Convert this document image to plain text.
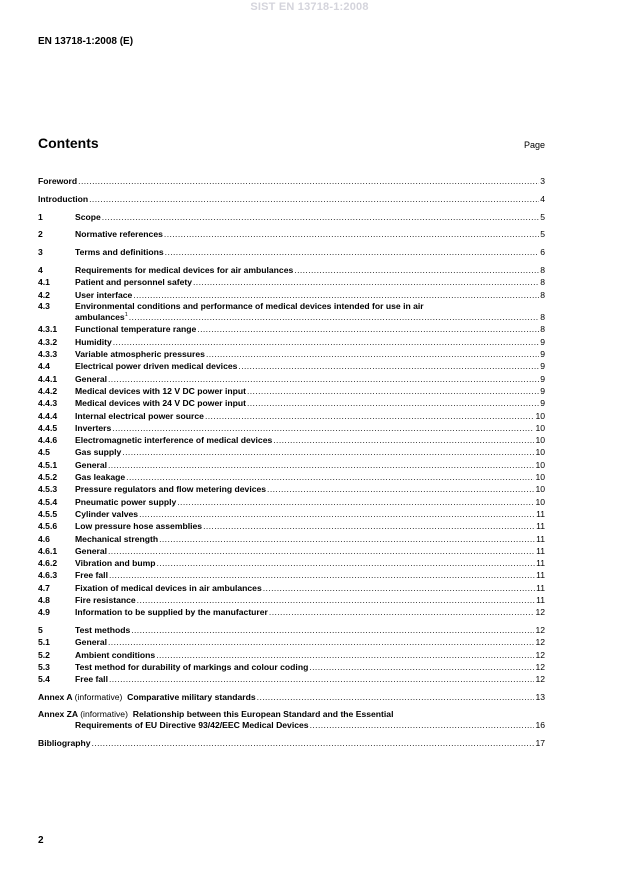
SIST EN 13718-1:2008
EN 13718-1:2008 (E)
Contents	Page
Foreword .....	3
Introduction .....	4
1	Scope .....	5
2	Normative references .....	5
3	Terms and definitions .....	6
4	Requirements for medical devices for air ambulances .....	8
4.1	Patient and personnel safety .....	8
4.2	User interface .....	8
4.3	Environmental conditions and performance of medical devices intended for use in air
ambulances$^1$ .....	8
4.3.1	Functional temperature range .....	8
4.3.2	Humidity .....	9
4.3.3	Variable atmospheric pressures .....	9
4.4	Electrical power driven medical devices .....	9
4.4.1	General .....	9
4.4.2	Medical devices with 12 V DC power input .....	9
4.4.3	Medical devices with 24 V DC power input .....	9
4.4.4	Internal electrical power source .....	10
4.4.5	Inverters .....	10
4.4.6	Electromagnetic interference of medical devices .....	10
4.5	Gas supply .....	10
4.5.1	General .....	10
4.5.2	Gas leakage .....	10
4.5.3	Pressure regulators and flow metering devices .....	10
4.5.4	Pneumatic power supply .....	10
4.5.5	Cylinder valves .....	11
4.5.6	Low pressure hose assemblies .....	11
4.6	Mechanical strength .....	11
4.6.1	General .....	11
4.6.2	Vibration and bump .....	11
4.6.3	Free fall .....	11
4.7	Fixation of medical devices in air ambulances .....	11
4.8	Fire resistance .....	11
4.9	Information to be supplied by the manufacturer .....	12
5	Test methods .....	12
5.1	General .....	12
5.2	Ambient conditions .....	12
5.3	Test method for durability of markings and colour coding .....	12
5.4	Free fall .....	12
Annex A (informative) Comparative military standards .....	13
Annex ZA (informative) Relationship between this European Standard and the Essential
Requirements of EU Directive 93/42/EEC Medical Devices .....	16
Bibliography .....	17
2
